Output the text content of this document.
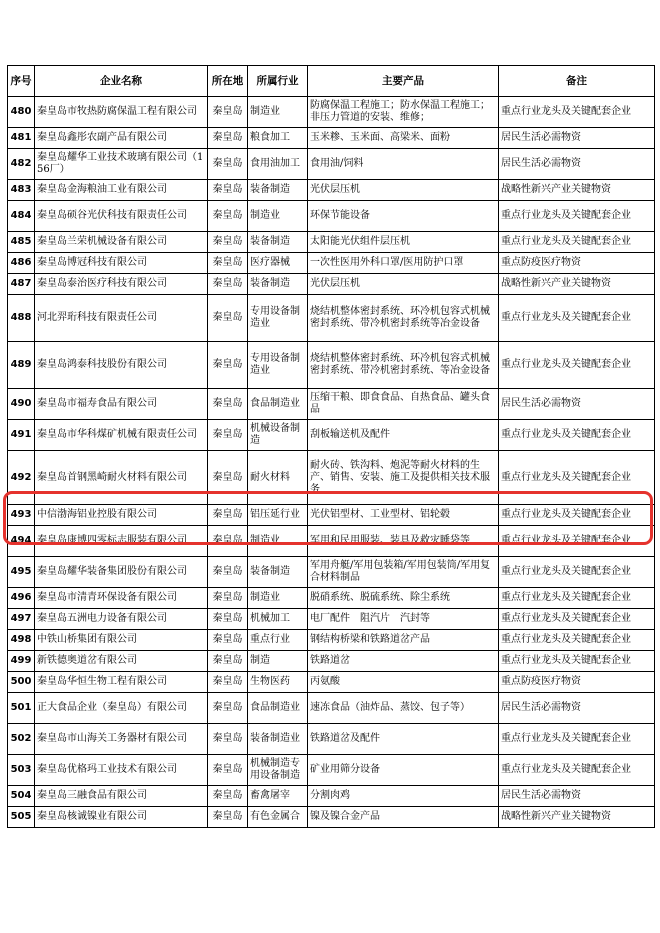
序号	企业名称	所在地	所属行业	主要产品	备注
480	秦皇岛市牧热防腐保温工程有限公司	秦皇岛	制造业	防腐保温工程施工；防水保温工程施工；非压力管道的安装、维修；	重点行业龙头及关键配套企业
481	秦皇岛鑫彤农副产品有限公司	秦皇岛	粮食加工	玉米糁、玉米面、高梁米、面粉	居民生活必需物资
482	秦皇岛耀华工业技术玻璃有限公司（156厂）	秦皇岛	食用油加工	食用油/饲料	居民生活必需物资
483	秦皇岛金海粮油工业有限公司	秦皇岛	装备制造	光伏层压机	战略性新兴产业关键物资
484	秦皇岛硕谷光伏科技有限责任公司	秦皇岛	制造业	环保节能设备	重点行业龙头及关键配套企业
485	秦皇岛兰荣机械设备有限公司	秦皇岛	装备制造	太阳能光伏组件层压机	重点行业龙头及关键配套企业
486	秦皇岛博冠科技有限公司	秦皇岛	医疗器械	一次性医用外科口罩/医用防护口罩	重点防疫医疗物资
487	秦皇岛泰治医疗科技有限公司	秦皇岛	装备制造	光伏层压机	战略性新兴产业关键物资
488	河北羿珩科技有限责任公司	秦皇岛	专用设备制造业	烧结机整体密封系统、环冷机包容式机械密封系统、带冷机密封系统等冶金设备	重点行业龙头及关键配套企业
489	秦皇岛鸿泰科技股份有限公司	秦皇岛	专用设备制造业	烧结机整体密封系统、环冷机包容式机械密封系统、带冷机密封系统、等冶金设备	重点行业龙头及关键配套企业
490	秦皇岛市福寿食品有限公司	秦皇岛	食品制造业	压缩干粮、即食食品、自热食品、罐头食品	居民生活必需物资
491	秦皇岛市华科煤矿机械有限责任公司	秦皇岛	机械设备制造	刮板输送机及配件	重点行业龙头及关键配套企业
492	秦皇岛首钢黑崎耐火材料有限公司	秦皇岛	耐火材料	耐火砖、铁沟料、炮泥等耐火材料的生产、销售、安装、施工及提供相关技术服务	重点行业龙头及关键配套企业
493	中信渤海铝业控股有限公司	秦皇岛	铝压延行业	光伏铝型材、工业型材、铝轮毂	重点行业龙头及关键配套企业
494	秦皇岛康博四零标志服装有限公司	秦皇岛	制造业	军用和民用服装、装具及救灾睡袋等	重点行业龙头及关键配套企业
495	秦皇岛耀华装备集团股份有限公司	秦皇岛	装备制造	军用舟艇/军用包装箱/军用包装筒/军用复合材料制品	重点行业龙头及关键配套企业
496	秦皇岛市清青环保设备有限公司	秦皇岛	制造业	脱硝系统、脱硫系统、除尘系统	重点行业龙头及关键配套企业
497	秦皇岛五洲电力设备有限公司	秦皇岛	机械加工	电厂配件　阻汽片　汽封等	重点行业龙头及关键配套企业
498	中铁山桥集团有限公司	秦皇岛	重点行业	钢结构桥梁和铁路道岔产品	重点行业龙头及关键配套企业
499	新铁德奥道岔有限公司	秦皇岛	制造	铁路道岔	重点行业龙头及关键配套企业
500	秦皇岛华恒生物工程有限公司	秦皇岛	生物医药	丙氨酸	重点防疫医疗物资
501	正大食品企业（秦皇岛）有限公司	秦皇岛	食品制造业	速冻食品（油炸品、蒸饺、包子等）	居民生活必需物资
502	秦皇岛市山海关工务器材有限公司	秦皇岛	装备制造业	铁路道岔及配件	重点行业龙头及关键配套企业
503	秦皇岛优格玛工业技术有限公司	秦皇岛	机械制造专用设备制造	矿业用筛分设备	重点行业龙头及关键配套企业
504	秦皇岛三融食品有限公司	秦皇岛	畜禽屠宰	分割肉鸡	居民生活必需物资
505	秦皇岛核诚镍业有限公司	秦皇岛	有色金属合	镍及镍合金产品	战略性新兴产业关键物资
